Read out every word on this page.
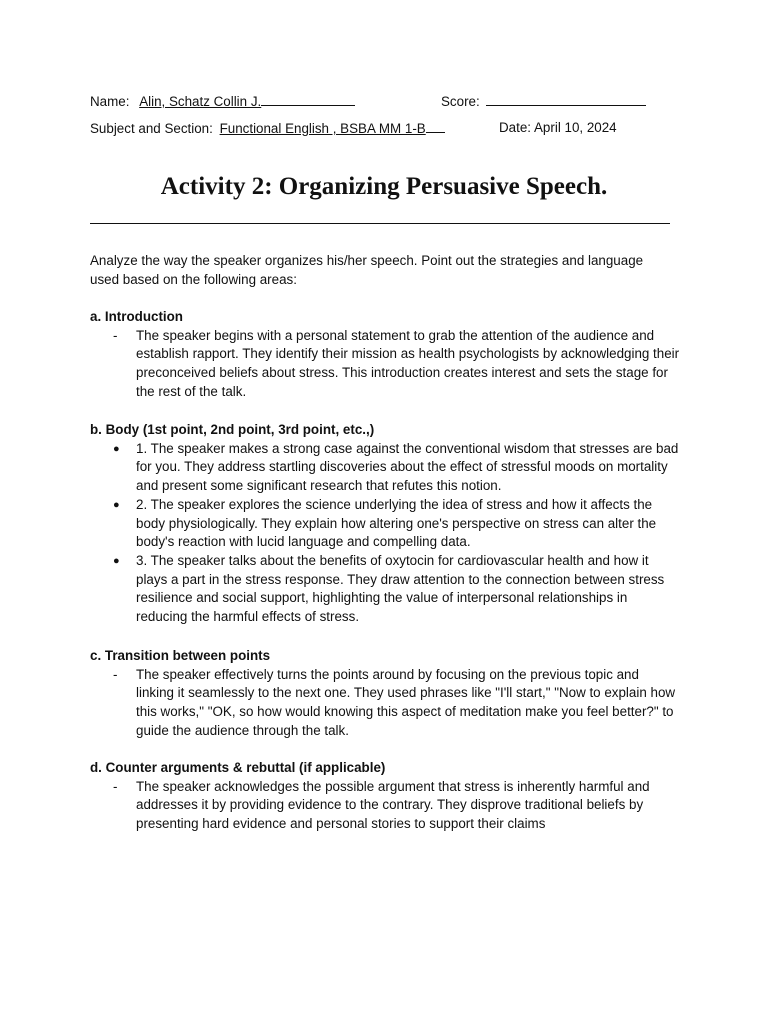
Name: Alin, Schatz Collin J.	Score:
Subject and Section: Functional English , BSBA MM 1-B	Date: April 10, 2024
Activity 2: Organizing Persuasive Speech.

Analyze the way the speaker organizes his/her speech. Point out the strategies and language used based on the following areas:

a. Introduction

- The speaker begins with a personal statement to grab the attention of the audience and establish rapport. They identify their mission as health psychologists by acknowledging their preconceived beliefs about stress. This introduction creates interest and sets the stage for the rest of the talk.

b. Body (1st point, 2nd point, 3rd point, etc.,)

● 1. The speaker makes a strong case against the conventional wisdom that stresses are bad for you. They address startling discoveries about the effect of stressful moods on mortality and present some significant research that refutes this notion.
● 2. The speaker explores the science underlying the idea of stress and how it affects the body physiologically. They explain how altering one's perspective on stress can alter the body's reaction with lucid language and compelling data.
● 3. The speaker talks about the benefits of oxytocin for cardiovascular health and how it plays a part in the stress response. They draw attention to the connection between stress resilience and social support, highlighting the value of interpersonal relationships in reducing the harmful effects of stress.

c. Transition between points

- The speaker effectively turns the points around by focusing on the previous topic and linking it seamlessly to the next one. They used phrases like "I'll start," "Now to explain how this works," "OK, so how would knowing this aspect of meditation make you feel better?" to guide the audience through the talk.

d. Counter arguments & rebuttal (if applicable)

- The speaker acknowledges the possible argument that stress is inherently harmful and addresses it by providing evidence to the contrary. They disprove traditional beliefs by presenting hard evidence and personal stories to support their claims
